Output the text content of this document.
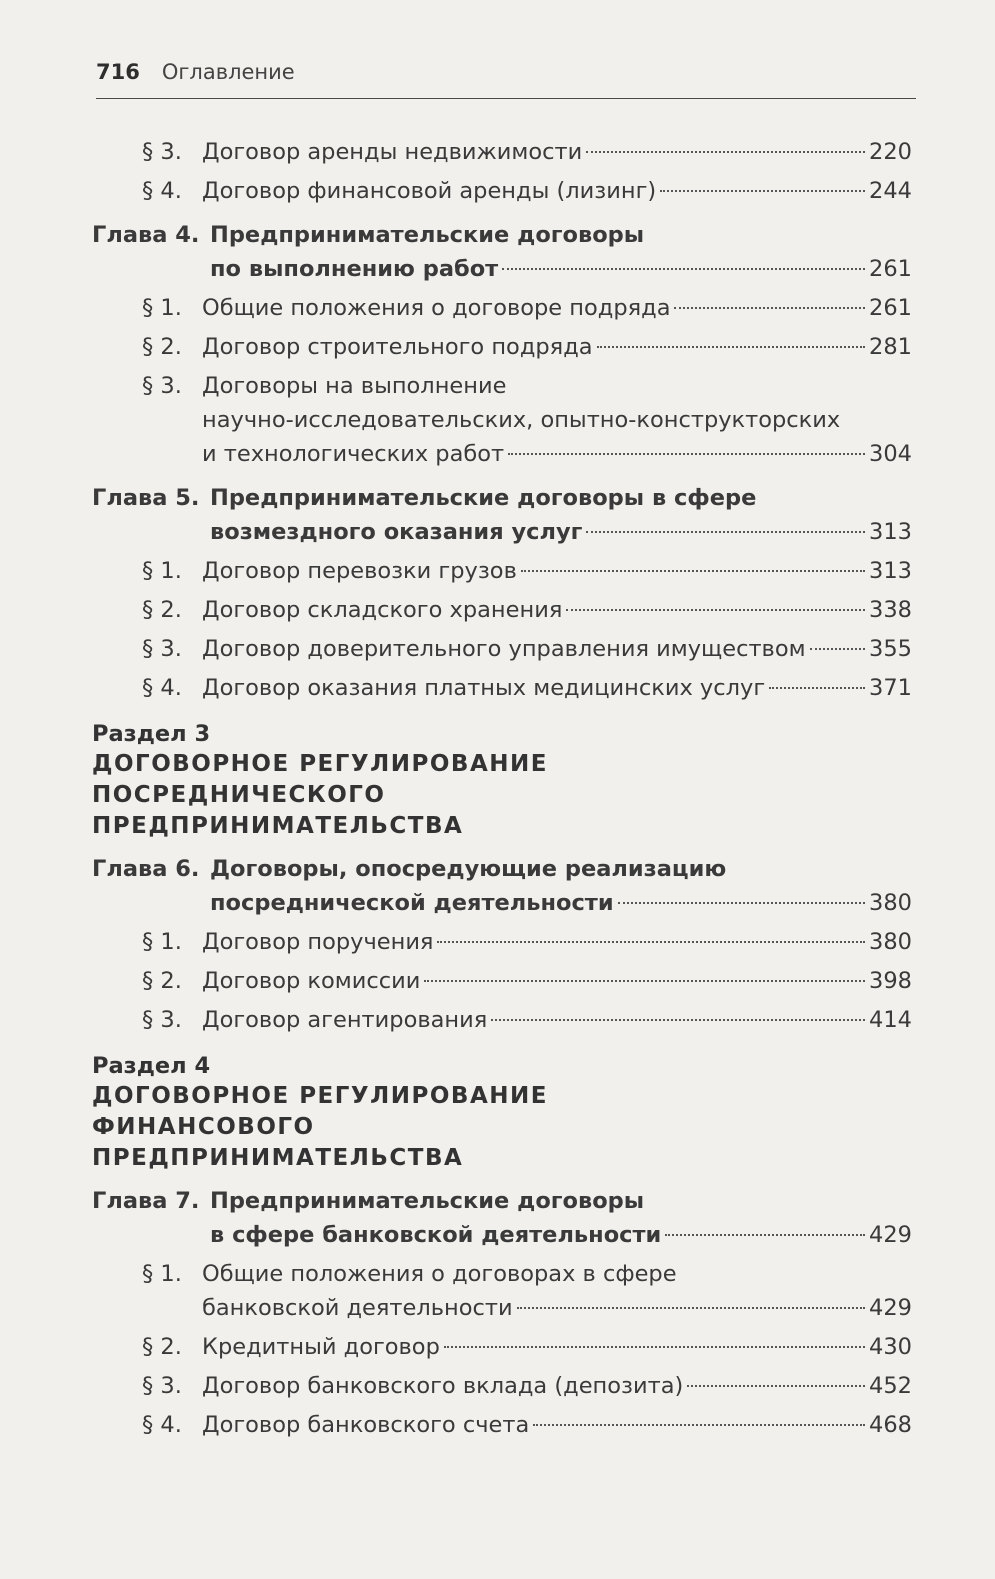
716 Оглавление
§ 3. Договор аренды недвижимости	220
§ 4. Договор финансовой аренды (лизинг)	244
Глава 4. Предпринимательские договоры
по выполнению работ	261
§ 1. Общие положения о договоре подряда	261
§ 2. Договор строительного подряда	281
§ 3. Договоры на выполнение
научно-исследовательских, опытно-конструкторских
и технологических работ	304
Глава 5. Предпринимательские договоры в сфере
возмездного оказания услуг	313
§ 1. Договор перевозки грузов	313
§ 2. Договор складского хранения	338
§ 3. Договор доверительного управления имуществом	355
§ 4. Договор оказания платных медицинских услуг	371
Раздел 3
ДОГОВОРНОЕ РЕГУЛИРОВАНИЕ
ПОСРЕДНИЧЕСКОГО
ПРЕДПРИНИМАТЕЛЬСТВА
Глава 6. Договоры, опосредующие реализацию
посреднической деятельности	380
§ 1. Договор поручения	380
§ 2. Договор комиссии	398
§ 3. Договор агентирования	414
Раздел 4
ДОГОВОРНОЕ РЕГУЛИРОВАНИЕ
ФИНАНСОВОГО
ПРЕДПРИНИМАТЕЛЬСТВА
Глава 7. Предпринимательские договоры
в сфере банковской деятельности	429
§ 1. Общие положения о договорах в сфере
банковской деятельности	429
§ 2. Кредитный договор	430
§ 3. Договор банковского вклада (депозита)	452
§ 4. Договор банковского счета	468
